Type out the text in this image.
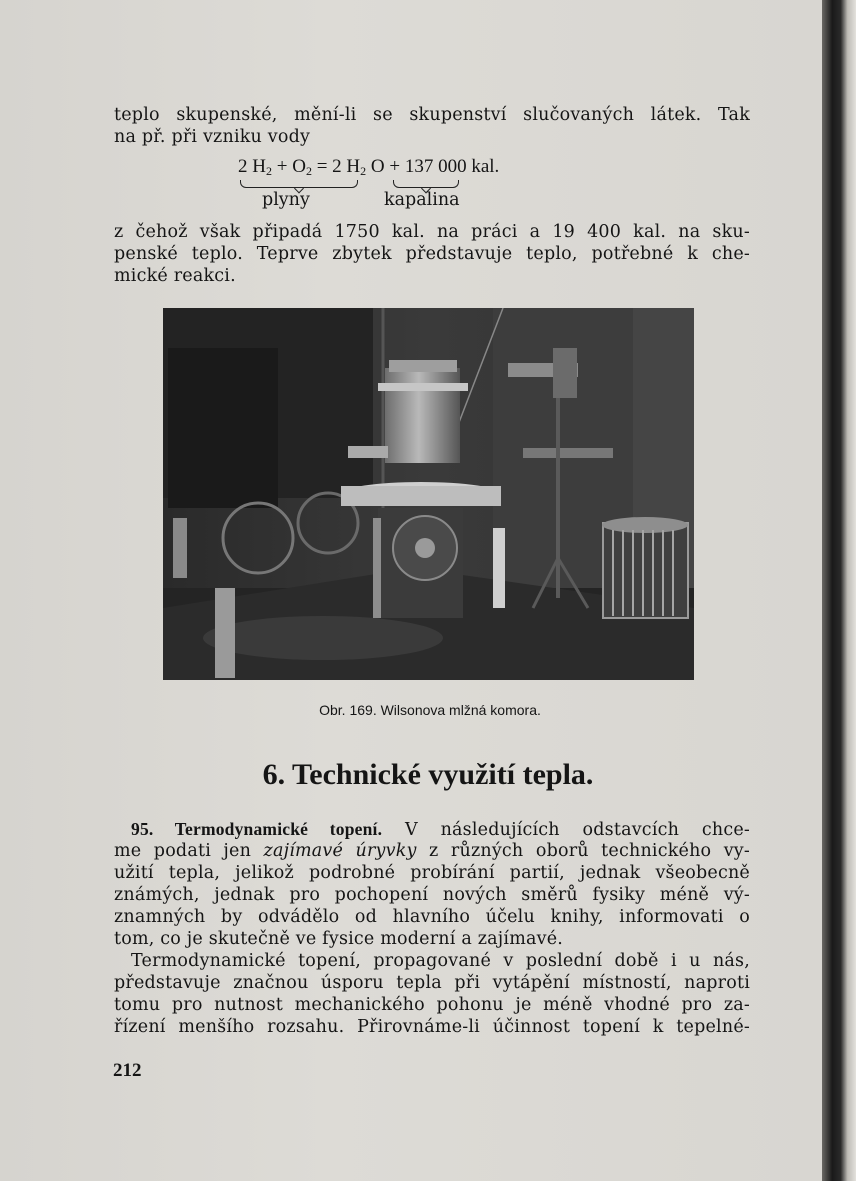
teplo skupenské, mění-li se skupenství slučovaných látek. Tak
na př. při vzniku vody
2 $H_2 + O_2 = 2$ $H_2$ O + 137 000 kal.
plyny	kapalina
z čehož však připadá 1750 kal. na práci a 19 400 kal. na sku-
penské teplo. Teprve zbytek představuje teplo, potřebné k che-
mické reakci.
Obr. 169. Wilsonova mlžná komora.
6. Technické využití tepla.
95. Termodynamické topení. V následujících odstavcích chce-
me podati jen zajímavé úryvky z různých oborů technického vy-
užití tepla, jelikož podrobné probírání partií, jednak všeobecně
známých, jednak pro pochopení nových směrů fysiky méně vý-
znamných by odvádělo od hlavního účelu knihy, informovati o
tom, co je skutečně ve fysice moderní a zajímavé.
Termodynamické topení, propagované v poslední době i u nás,
představuje značnou úsporu tepla při vytápění místností, naproti
tomu pro nutnost mechanického pohonu je méně vhodné pro za-
řízení menšího rozsahu. Přirovnáme-li účinnost topení k tepelné-
212
